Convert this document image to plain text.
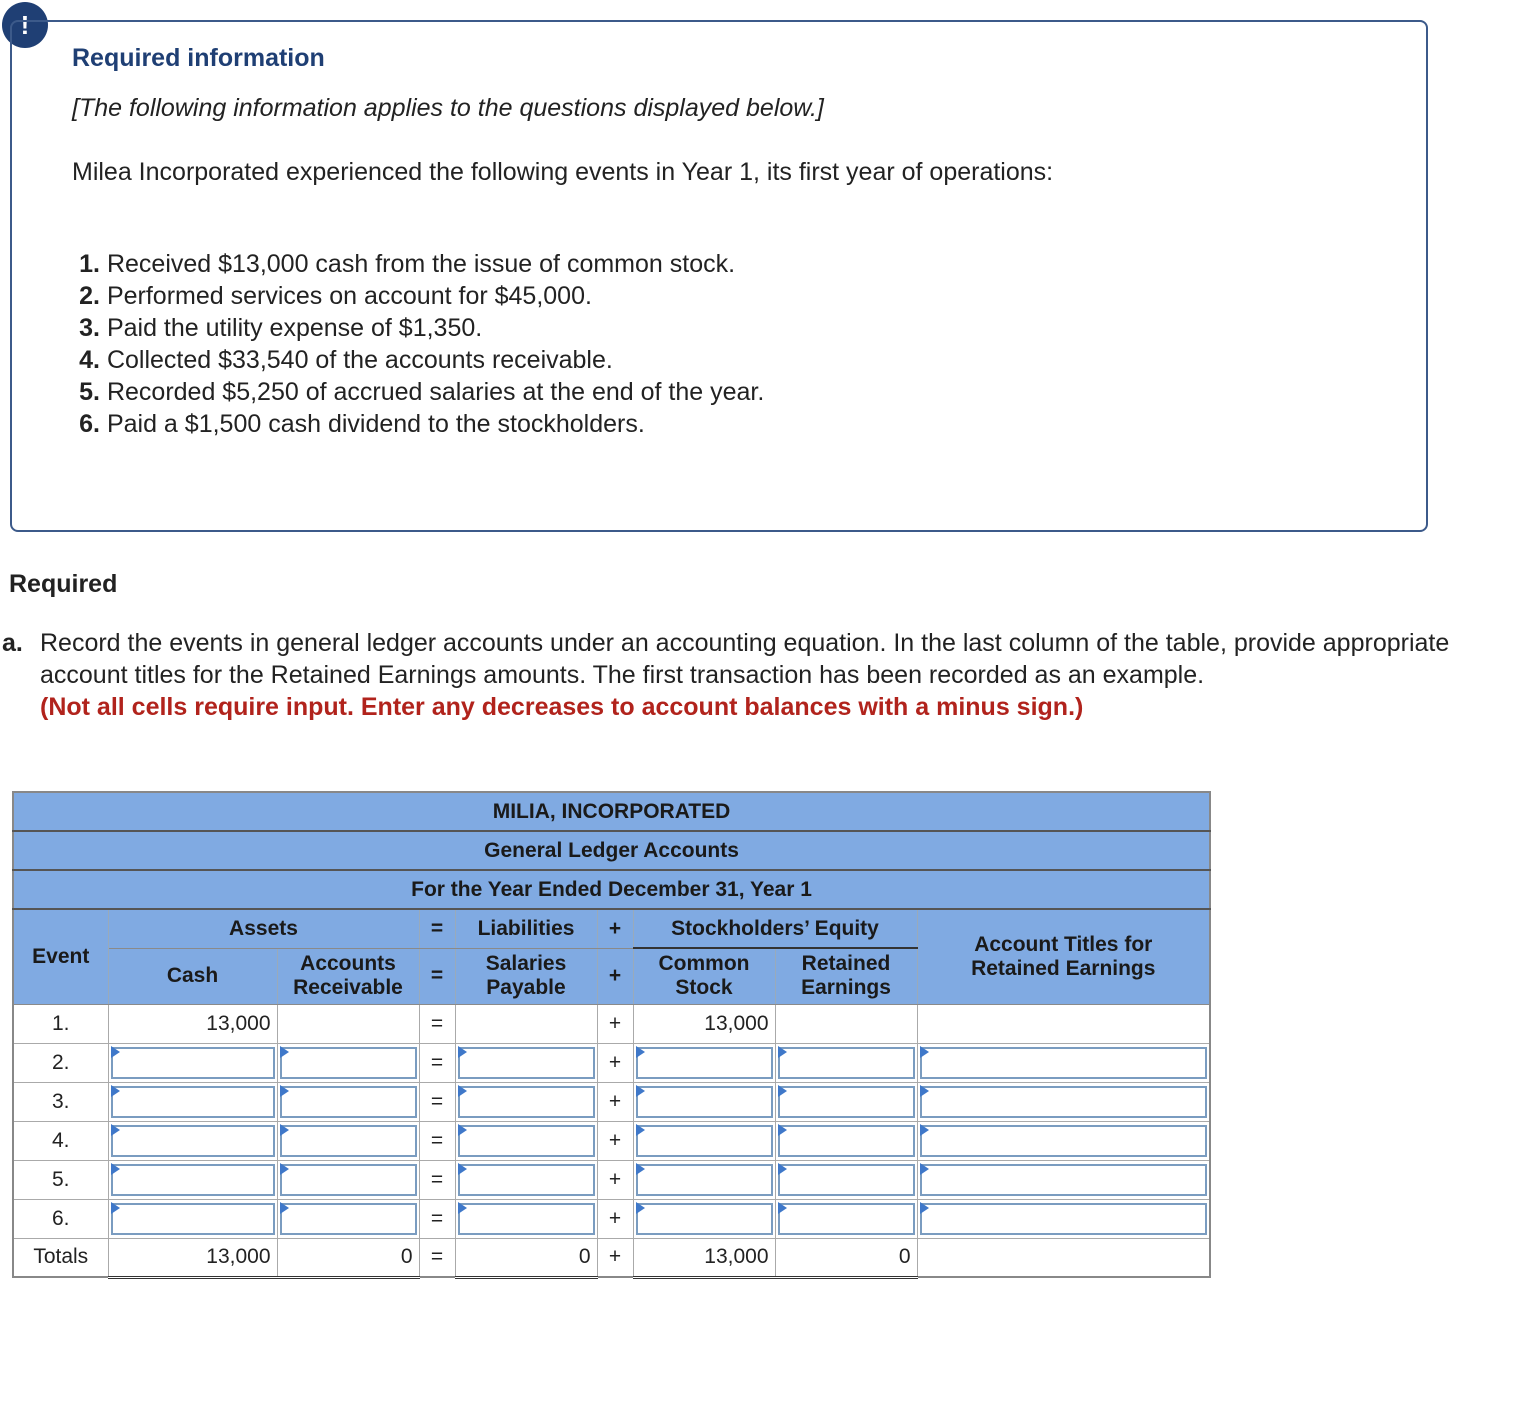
!
Required information
[The following information applies to the questions displayed below.]
Milea Incorporated experienced the following events in Year 1, its first year of operations:
1. Received $13,000 cash from the issue of common stock.
2. Performed services on account for $45,000.
3. Paid the utility expense of $1,350.
4. Collected $33,540 of the accounts receivable.
5. Recorded $5,250 of accrued salaries at the end of the year.
6. Paid a $1,500 cash dividend to the stockholders.
Required
a. Record the events in general ledger accounts under an accounting equation. In the last column of the table, provide appropriate account titles for the Retained Earnings amounts. The first transaction has been recorded as an example.
(Not all cells require input. Enter any decreases to account balances with a minus sign.)
MILIA, INCORPORATED								
General Ledger Accounts								
For the Year Ended December 31, Year 1								
Event	Assets		=	Liabilities	+	Stockholders’ Equity		Account Titles for
Retained Earnings
	Cash	Accounts
Receivable	=	Salaries
Payable	+	Common
Stock	Retained
Earnings	
1.	13,000		=		+	13,000		
2.			=		+	

3.			=		+	

4.			=		+	

5.			=		+	

6.			=		+	

Totals	13,000	0	=	0	+	13,000	0	
